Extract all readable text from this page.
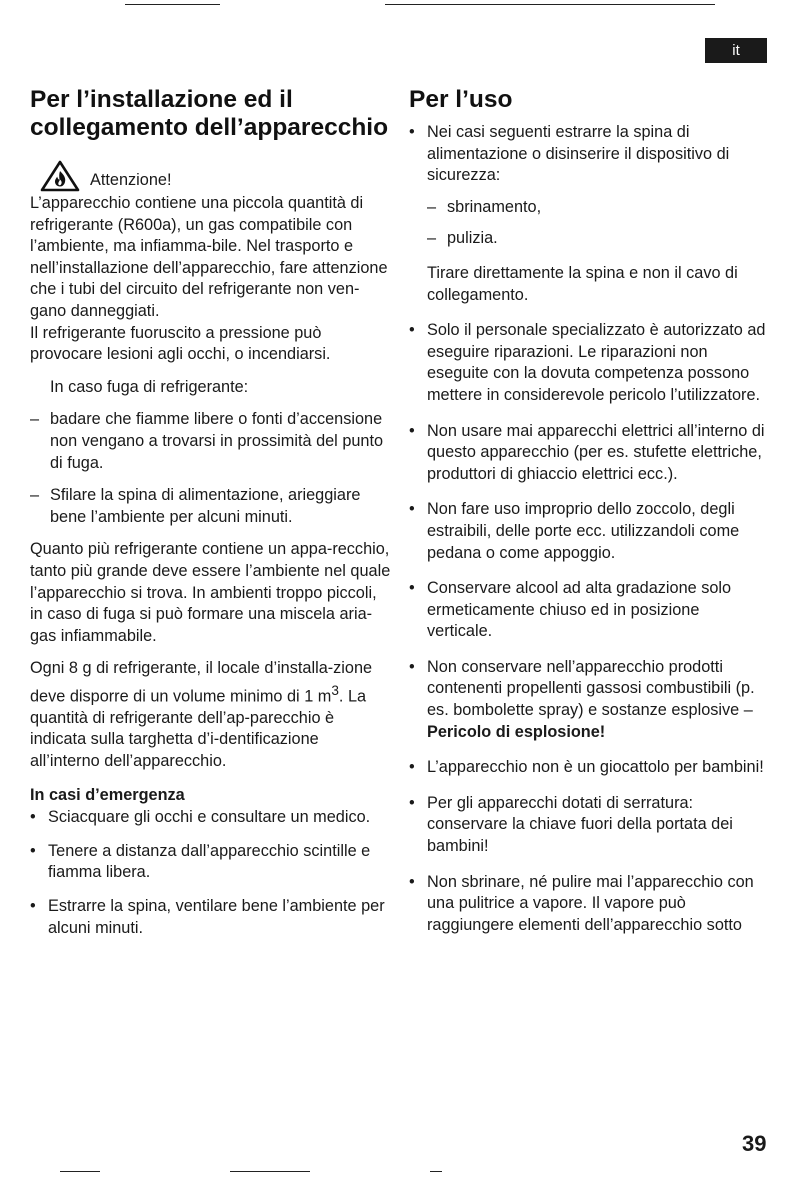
it
Per l’installazione ed il collegamento dell’apparecchio
Attenzione!

L’apparecchio contiene una piccola quantità di refrigerante (R600a), un gas compatibile con l’ambiente, ma infiamma-bile. Nel trasporto e nell’installazione dell’apparecchio, fare attenzione che i tubi del circuito del refrigerante non ven-gano danneggiati.

Il refrigerante fuoruscito a pressione può provocare lesioni agli occhi, o incendiarsi.

In caso fuga di refrigerante:

– badare che fiamme libere o fonti d’accensione non vengano a trovarsi in prossimità del punto di fuga.
– Sfilare la spina di alimentazione, arieggiare bene l’ambiente per alcuni minuti.

Quanto più refrigerante contiene un appa-recchio, tanto più grande deve essere l’ambiente nel quale l’apparecchio si trova. In ambienti troppo piccoli, in caso di fuga si può formare una miscela aria-gas infiammabile.

Ogni 8 g di refrigerante, il locale d’installa-zione deve disporre di un volume minimo di 1 $m^3$. La quantità di refrigerante dell’ap-parecchio è indicata sulla targhetta d’i-dentificazione all’interno dell’apparecchio.

In casi d’emergenza
• Sciacquare gli occhi e consultare un medico.
• Tenere a distanza dall’apparecchio scintille e fiamma libera.
• Estrarre la spina, ventilare bene l’ambiente per alcuni minuti.
Per l’uso
• Nei casi seguenti estrarre la spina di alimentazione o disinserire il dispositivo di sicurezza:

– sbrinamento,
– pulizia.

Tirare direttamente la spina e non il cavo di collegamento.

• Solo il personale specializzato è autorizzato ad eseguire riparazioni. Le riparazioni non eseguite con la dovuta competenza possono mettere in considerevole pericolo l’utilizzatore.
• Non usare mai apparecchi elettrici all’interno di questo apparecchio (per es. stufette elettriche, produttori di ghiaccio elettrici ecc.).
• Non fare uso improprio dello zoccolo, degli estraibili, delle porte ecc. utilizzandoli come pedana o come appoggio.
• Conservare alcool ad alta gradazione solo ermeticamente chiuso ed in posizione verticale.
• Non conservare nell’apparecchio prodotti contenenti propellenti gassosi combustibili (p. es. bombolette spray) e sostanze esplosive – Pericolo di esplosione!
• L’apparecchio non è un giocattolo per bambini!
• Per gli apparecchi dotati di serratura: conservare la chiave fuori della portata dei bambini!
• Non sbrinare, né pulire mai l’apparecchio con una pulitrice a vapore. Il vapore può raggiungere elementi dell’apparecchio sotto
39
